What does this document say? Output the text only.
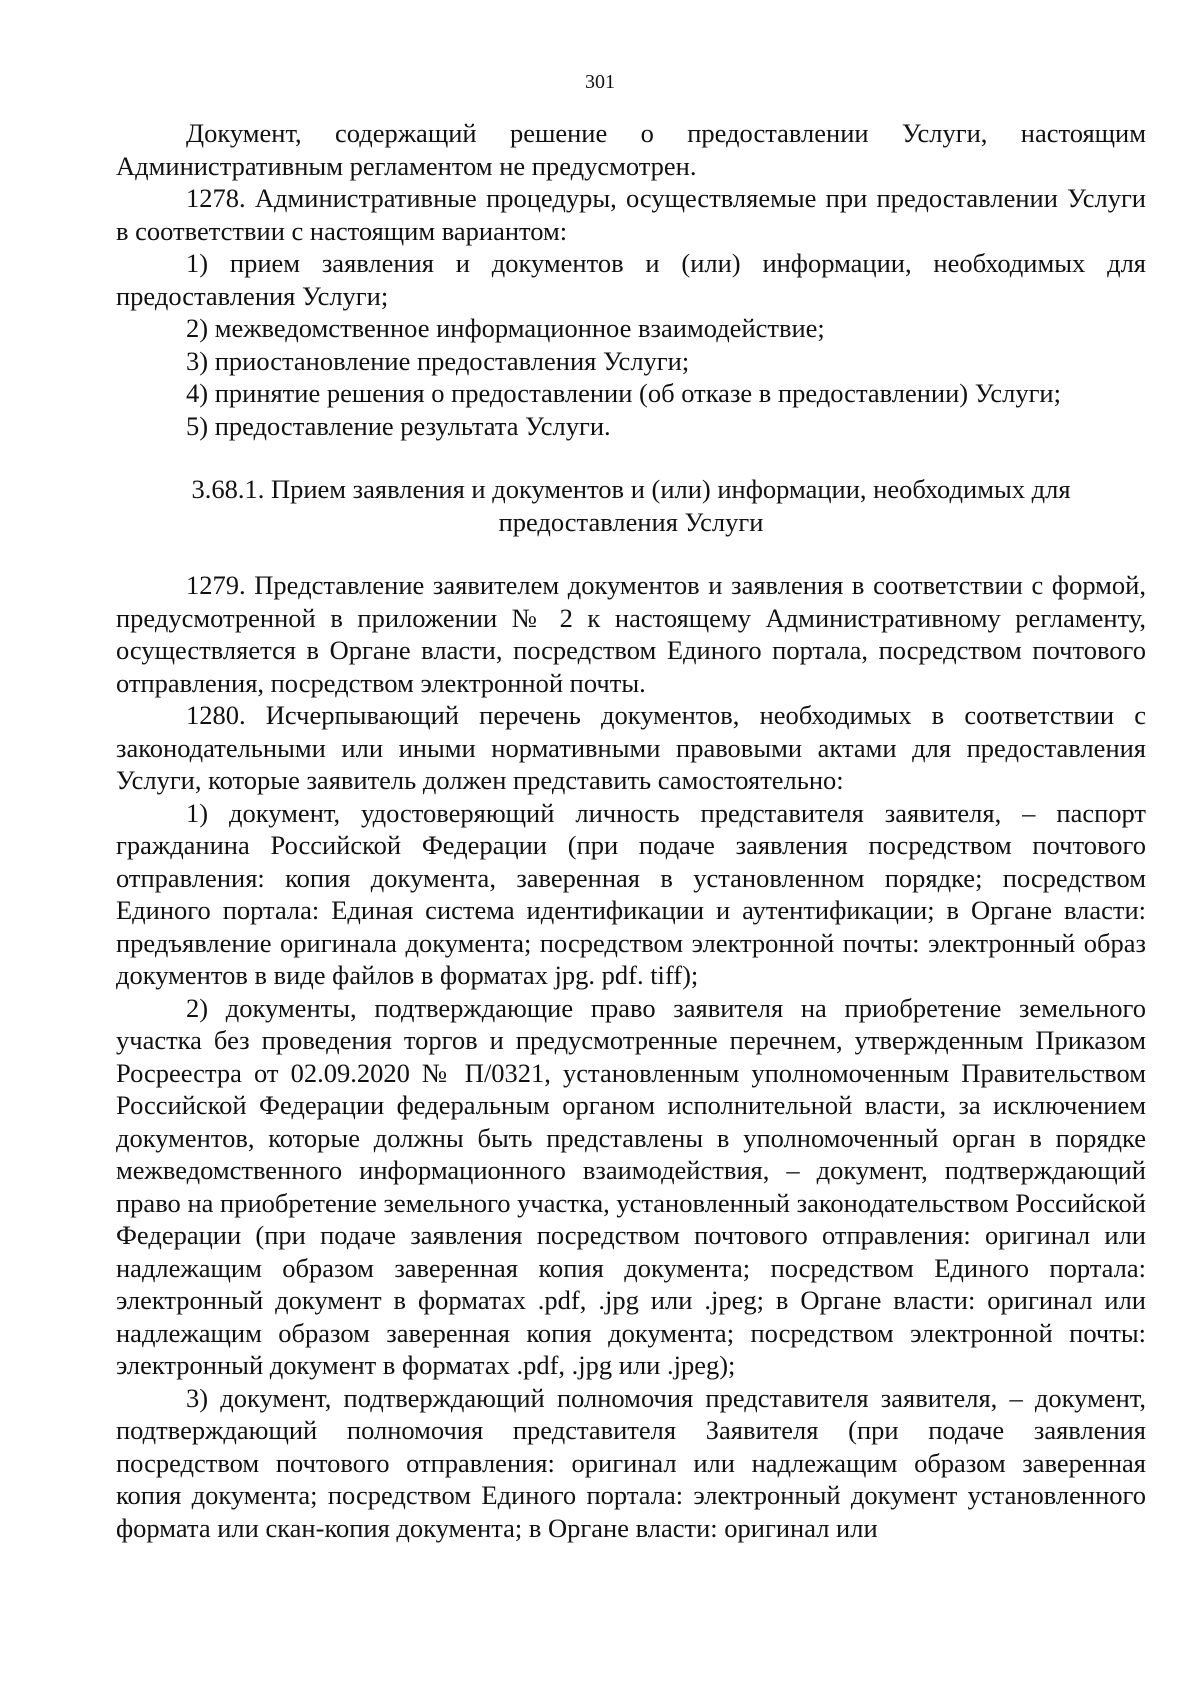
301

Документ, содержащий решение о предоставлении Услуги, настоящим Административным регламентом не предусмотрен.

1278. Административные процедуры, осуществляемые при предоставлении Услуги в соответствии с настоящим вариантом:

1) прием заявления и документов и (или) информации, необходимых для предоставления Услуги;

2) межведомственное информационное взаимодействие;

3) приостановление предоставления Услуги;

4) принятие решения о предоставлении (об отказе в предоставлении) Услуги;

5) предоставление результата Услуги.

3.68.1. Прием заявления и документов и (или) информации, необходимых для

предоставления Услуги

1279. Представление заявителем документов и заявления в соответствии с формой, предусмотренной в приложении № 2 к настоящему Административному регламенту, осуществляется в Органе власти, посредством Единого портала, посредством почтового отправления, посредством электронной почты.

1280. Исчерпывающий перечень документов, необходимых в соответствии с законодательными или иными нормативными правовыми актами для предоставления Услуги, которые заявитель должен представить самостоятельно:

1) документ, удостоверяющий личность представителя заявителя, – паспорт гражданина Российской Федерации (при подаче заявления посредством почтового отправления: копия документа, заверенная в установленном порядке; посредством Единого портала: Единая система идентификации и аутентификации; в Органе власти: предъявление оригинала документа; посредством электронной почты: электронный образ документов в виде файлов в форматах jpg. pdf. tiff);

2) документы, подтверждающие право заявителя на приобретение земельного участка без проведения торгов и предусмотренные перечнем, утвержденным Приказом Росреестра от 02.09.2020 № П/0321, установленным уполномоченным Правительством Российской Федерации федеральным органом исполнительной власти, за исключением документов, которые должны быть представлены в уполномоченный орган в порядке межведомственного информационного взаимодействия, – документ, подтверждающий право на приобретение земельного участка, установленный законодательством Российской Федерации (при подаче заявления посредством почтового отправления: оригинал или надлежащим образом заверенная копия документа; посредством Единого портала: электронный документ в форматах .pdf, .jpg или .jpeg; в Органе власти: оригинал или надлежащим образом заверенная копия документа; посредством электронной почты: электронный документ в форматах .pdf, .jpg или .jpeg);

3) документ, подтверждающий полномочия представителя заявителя, – документ, подтверждающий полномочия представителя Заявителя (при подаче заявления посредством почтового отправления: оригинал или надлежащим образом заверенная копия документа; посредством Единого портала: электронный документ установленного формата или скан-копия документа; в Органе власти: оригинал или
